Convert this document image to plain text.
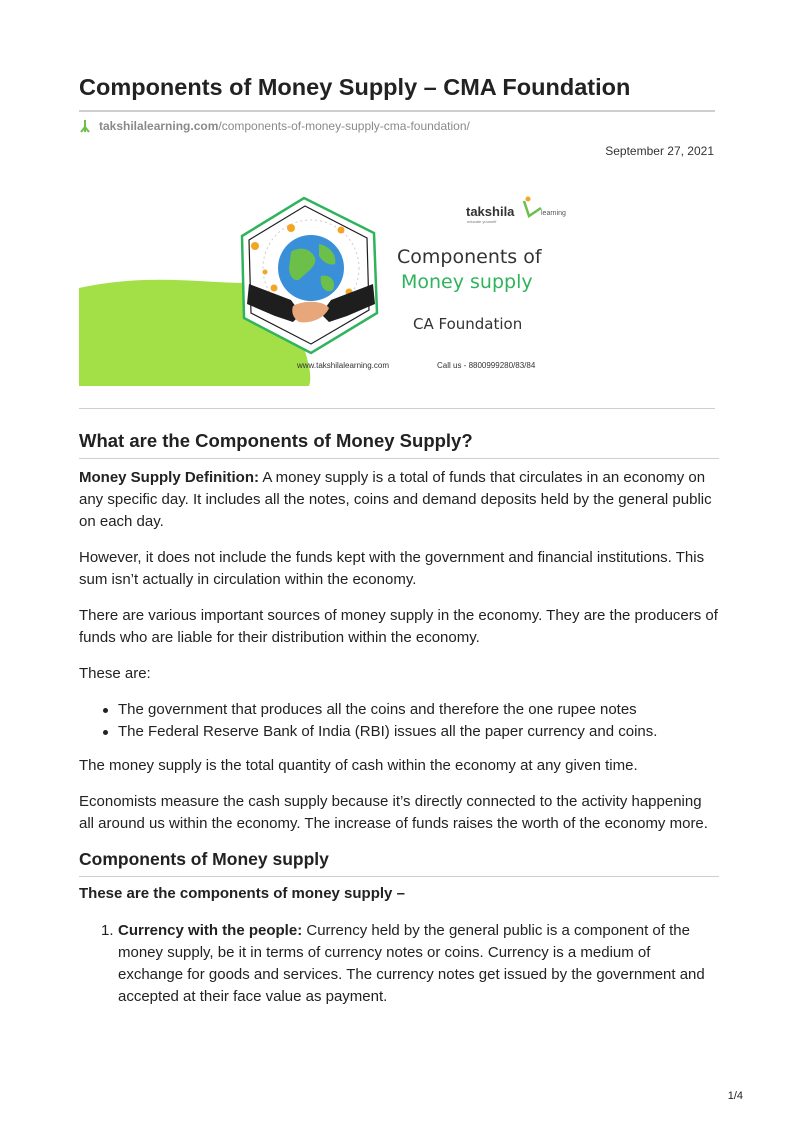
Components of Money Supply – CMA Foundation
takshilalearning.com /components-of-money-supply-cma-foundation/
September 27, 2021
takshila	learning
educate yourself
Components of
Money supply
CA Foundation
www.takshilalearning.com	Call us - 8800999280/83/84
What are the Components of Money Supply?
Money Supply Definition: A money supply is a total of funds that circulates in an economy on any specific day. It includes all the notes, coins and demand deposits held by the general public on each day.
However, it does not include the funds kept with the government and financial institutions. This sum isn’t actually in circulation within the economy.
There are various important sources of money supply in the economy. They are the producers of funds who are liable for their distribution within the economy.
These are:
The government that produces all the coins and therefore the one rupee notes
The Federal Reserve Bank of India (RBI) issues all the paper currency and coins.
The money supply is the total quantity of cash within the economy at any given time.
Economists measure the cash supply because it’s directly connected to the activity happening all around us within the economy. The increase of funds raises the worth of the economy more.
Components of Money supply
These are the components of money supply –
1. Currency with the people: Currency held by the general public is a component of the money supply, be it in terms of currency notes or coins. Currency is a medium of exchange for goods and services. The currency notes get issued by the government and accepted at their face value as payment.
1/4
